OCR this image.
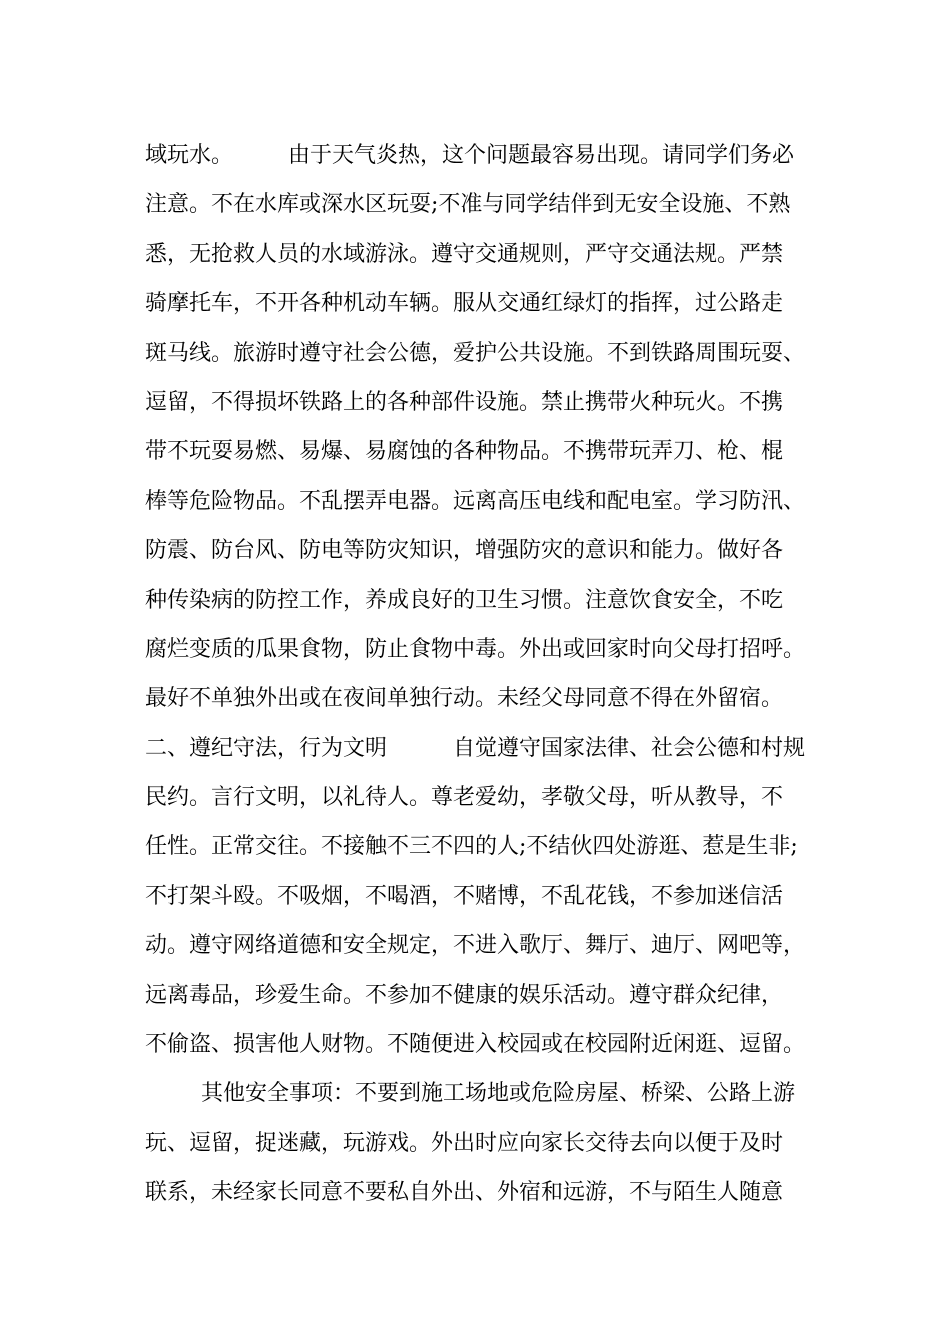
域玩水。　　　由于天气炎热，这个问题最容易出现。请同学们务必
注意。不在水库或深水区玩耍;不准与同学结伴到无安全设施、不熟
悉，无抢救人员的水域游泳。遵守交通规则，严守交通法规。严禁
骑摩托车，不开各种机动车辆。服从交通红绿灯的指挥，过公路走
斑马线。旅游时遵守社会公德，爱护公共设施。不到铁路周围玩耍、
逗留，不得损坏铁路上的各种部件设施。禁止携带火种玩火。不携
带不玩耍易燃、易爆、易腐蚀的各种物品。不携带玩弄刀、枪、棍
棒等危险物品。不乱摆弄电器。远离高压电线和配电室。学习防汛、
防震、防台风、防电等防灾知识，增强防灾的意识和能力。做好各
种传染病的防控工作，养成良好的卫生习惯。注意饮食安全，不吃
腐烂变质的瓜果食物，防止食物中毒。外出或回家时向父母打招呼。
最好不单独外出或在夜间单独行动。未经父母同意不得在外留宿。
二、遵纪守法，行为文明　　　自觉遵守国家法律、社会公德和村规
民约。言行文明，以礼待人。尊老爱幼，孝敬父母，听从教导，不
任性。正常交往。不接触不三不四的人;不结伙四处游逛、惹是生非;
不打架斗殴。不吸烟，不喝酒，不赌博，不乱花钱，不参加迷信活
动。遵守网络道德和安全规定，不进入歌厅、舞厅、迪厅、网吧等，
远离毒品，珍爱生命。不参加不健康的娱乐活动。遵守群众纪律，
不偷盗、损害他人财物。不随便进入校园或在校园附近闲逛、逗留。
其他安全事项：不要到施工场地或危险房屋、桥梁、公路上游
玩、逗留，捉迷藏，玩游戏。外出时应向家长交待去向以便于及时
联系，未经家长同意不要私自外出、外宿和远游，不与陌生人随意
